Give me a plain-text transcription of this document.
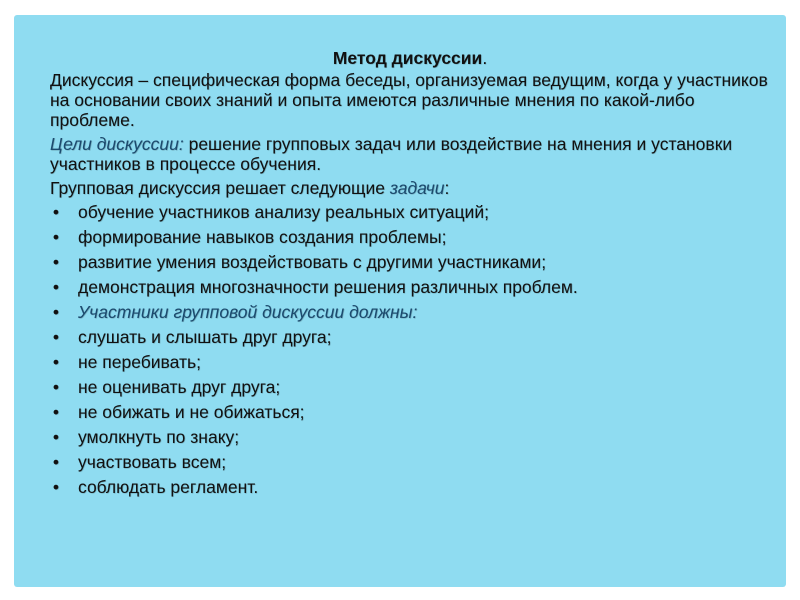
Метод дискуссии.
Дискуссия – специфическая форма беседы, организуемая ведущим, когда у участников на основании своих знаний и опыта имеются различные мнения по какой-либо проблеме.
Цели дискуссии: решение групповых задач или воздействие на мнения и установки участников в процессе обучения.
Групповая дискуссия решает следующие задачи:
• обучение участников анализу реальных ситуаций;
• формирование навыков создания проблемы;
• развитие умения воздействовать с другими участниками;
• демонстрация многозначности решения различных проблем.
• Участники групповой дискуссии должны:
• слушать и слышать друг друга;
• не перебивать;
• не оценивать друг друга;
• не обижать и не обижаться;
• умолкнуть по знаку;
• участвовать всем;
• соблюдать регламент.
